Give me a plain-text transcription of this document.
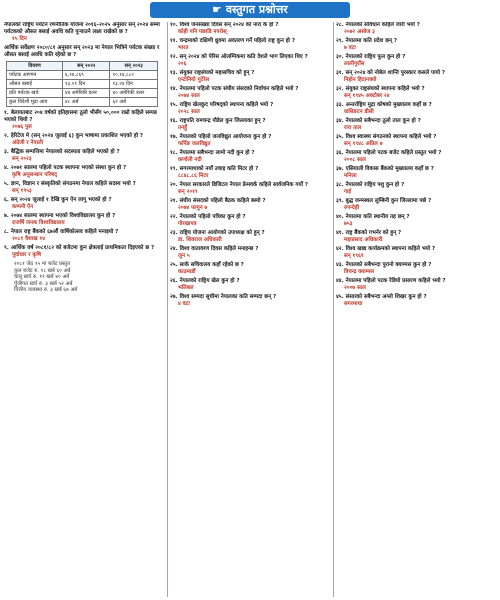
☛ वस्तुगत प्रश्नोत्तर
नेपालको राष्ट्रिय पर्यटन रणनीतिक योजना २०१६–२०२५ अनुसार सन् २०२४ सम्मा पर्यटकको औसत बसाई अवधि कति पुऱ्याउने लक्ष्य राखेको छ ?
१५ दिन
आर्थिक सर्वेक्षण २०८०/८१ अनुसार सन् २०२३ मा नेपाल भित्रिने पर्यटक संख्या र औसत बसाई अवधि कति रहेको छ ?
विवरण	सन् २०२२	सन् २०२३
पर्यटक आगमन	६,१४,८६९	१०,१४,८८२
औसत बसाई	१३.०१ दिन	१३.२४ दिन
प्रति पर्यटक खर्च	४४ अमेरिकी डलर	४० अमेरिकी डलर
कुल विदेशी मुद्रा आय	४८ अर्ब	६२ अर्ब
१. बेलायतबाट २०४ वर्षको इतिहासमा ठूलो भीसँग ५०,००० राम्रो कहिले सम्पन्न भएको थियो ?
२०७६ पुस
२. हेरिटेज मे (सन् २०२४ जुलाई ६) कुन भाषामा प्रकाशित भएको हो ?
अंग्रेजी र नेपाली
३. बैद्धिक सम्पत्तिमा नेपालको सदस्यता कहिले भएको हो ?
सन् २०२३
४. २०७१ सालमा पहिलो पटक स्थापना भएको संस्था कुन हो ?
कृषि अनुसन्धान परिषद्
५. ज्ञान, विज्ञान र संस्कृतिको संगठनमा नेपाल कहिले सदस्य भयो ?
सन् १९५३
६. सन् २०२४ जुलाई १ देखि कुन ऐन लागू भएको हो ?
कम्पनी ऐन
७. २०७४ सालमा स्थापना भएको विश्वविद्यालय कुन हो ?
राजर्षि जनक विश्वविद्यालय
८. नेपाल राष्ट्र बैंकको ६७औं वार्षिकोत्सव कहिले मनाइयो ?
२०८१ वैशाख १४
९. आर्थिक वर्ष २०८१/८२ को बजेटमा कुन क्षेत्रलाई प्राथमिकता दिइएको छ ?
पूर्वाधार र कृषि
२०८१ जेठ १५ मा बजेट प्रस्तुत
कुल बजेट रु. १८ खर्ब ६० अर्ब
चालू खर्च रु. ११ खर्ब ४० अर्ब
पुँजीगत खर्च रु. ३ खर्ब ५२ अर्ब
वित्तीय व्यवस्था रु. ३ खर्ब ६७ अर्ब
१०. विश्व जनसंख्या दिवस सन् २०२४ को नारा के हो ?
कोही पनि पछाडि नपरोस्
११. चन्द्रमाको दक्षिणी ध्रुवमा अवतरण गर्ने पहिलो राष्ट्र कुन हो ?
भारत
१२. सन् २०२४ को पेरिस ओलम्पिकमा कति देशले भाग लिएका थिए ?
२०६
१३. संयुक्त राष्ट्रसंघको महासचिव को हुन् ?
एन्टोनियो गुटेरेस
१४. नेपालमा पहिलो पटक संघीय संसदको निर्वाचन कहिले भयो ?
२०७४ साल
१५. राष्ट्रिय खेलकुद परिषद्को स्थापना कहिले भयो ?
२०२८ साल
१६. राष्ट्रपति रामचन्द्र पौडेल कुन जिल्लाका हुन् ?
तनहुँ
१७. नेपालको पहिलो जलविद्युत आयोजना कुन हो ?
फर्पिङ जलविद्युत
१८. नेपालमा सबैभन्दा लामो नदी कुन हो ?
कर्णाली नदी
१९. सगरमाथाको नयाँ उचाइ कति मिटर हो ?
८८४८.८६ मिटर
२०. नेपाल सरकारले डिजिटल नेपाल फ्रेमवर्क कहिले सार्वजनिक गर्यो ?
सन् २०१९
२१. संघीय संसदको पहिलो बैठक कहिले बस्यो ?
२०७४ फागुन ७
२२. नेपालको पहिलो पत्रिका कुन हो ?
गोरखापत्र
२३. राष्ट्रिय योजना आयोगको उपाध्यक्ष को हुन् ?
डा. शिवराज अधिकारी
२४. विश्व वातावरण दिवस कहिले मनाइन्छ ?
जुन ५
२५. सार्क सचिवालय कहाँ रहेको छ ?
काठमाडौं
२६. नेपालको राष्ट्रिय खेल कुन हो ?
भलिबल
२७. विश्व सम्पदा सूचीमा नेपालका कति सम्पदा छन् ?
४ वटा
२८. नेपालको संविधान कहिले जारी भयो ?
२०७२ असोज ३
२९. नेपालमा कति प्रदेश छन् ?
७ वटा
३०. नेपालको राष्ट्रिय फूल कुन हो ?
लालीगुराँस
३१. सन् २०२४ को नोबेल शान्ति पुरस्कार कसले पायो ?
निहोन हिदानक्यो
३२. संयुक्त राष्ट्रसंघको स्थापना कहिले भयो ?
सन् १९४५ अक्टोबर २४
३३. अन्तर्राष्ट्रिय मुद्रा कोषको मुख्यालय कहाँ छ ?
वासिङटन डीसी
३४. नेपालको सबैभन्दा ठूलो ताल कुन हो ?
रारा ताल
३५. विश्व स्वास्थ्य संगठनको स्थापना कहिले भयो ?
सन् १९४८ अप्रिल ७
३६. नेपालमा पहिलो पटक बजेट कहिले प्रस्तुत भयो ?
२००८ साल
३७. एसियाली विकास बैंकको मुख्यालय कहाँ छ ?
मनिला
३८. नेपालको राष्ट्रिय पशु कुन हो ?
गाई
३९. बुद्ध जन्मस्थल लुम्बिनी कुन जिल्लामा पर्छ ?
रुपन्देही
४०. नेपालमा कति स्थानीय तह छन् ?
७५३
४१. राष्ट्र बैंकको गभर्नर को हुन् ?
महाप्रसाद अधिकारी
४२. विश्व खाद्य कार्यक्रमको स्थापना कहिले भयो ?
सन् १९६१
४३. नेपालको सबैभन्दा पुरानो क्याम्पस कुन हो ?
त्रिचन्द्र क्याम्पस
४४. नेपालमा पहिलो पटक रेडियो प्रसारण कहिले भयो ?
२००७ साल
४५. संसारको सबैभन्दा अग्लो शिखर कुन हो ?
सगरमाथा
